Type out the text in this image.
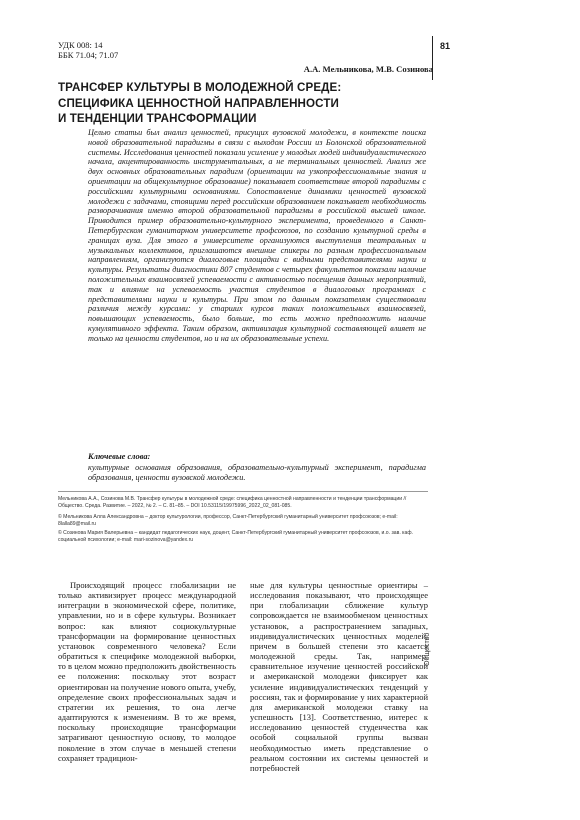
УДК 008: 14
ББК 71.04; 71.07
81
А.А. Мельникова, М.В. Созинова
ТРАНСФЕР КУЛЬТУРЫ В МОЛОДЕЖНОЙ СРЕДЕ:
СПЕЦИФИКА ЦЕННОСТНОЙ НАПРАВЛЕННОСТИ
И ТЕНДЕНЦИИ ТРАНСФОРМАЦИИ

Целью статьи был анализ ценностей, присущих вузовской молодежи, в контексте поиска новой образовательной парадигмы в связи с выходом России из Болонской образовательной системы. Исследования ценностей показали усиление у молодых людей индивидуалистического начала, акцентированность инструментальных, а не терминальных ценностей. Анализ же двух основных образовательных парадигм (ориентации на узкопрофессиональные знания и ориентации на общекультурное образование) показывает соответствие второй парадигмы с российскими культурными основаниями. Сопоставление динамики ценностей вузовской молодежи с задачами, стоящими перед российским образованием показывает необходимость разворачивания именно второй образовательной парадигмы в российской высшей школе. Приводится пример образовательно-культурного эксперимента, проведенного в Санкт-Петербургском гуманитарном университете профсоюзов, по созданию культурной среды в границах вуза. Для этого в университете организуются выступления театральных и музыкальных коллективов, приглашаются внешние спикеры по разным профессиональным направлениям, организуются диалоговые площадки с видными представителями науки и культуры. Результаты диагностики 807 студентов с четырех факультетов показали наличие положительных взаимосвязей успеваемости с активностью посещения данных мероприятий, так и влияние на успеваемость участия студентов в диалоговых программах с представителями науки и культуры. При этом по данным показателям существовали различия между курсами: у старших курсов таких положительных взаимосвязей, повышающих успеваемость, было больше, то есть можно предположить наличие кумулятивного эффекта. Таким образом, активизация культурной составляющей влияет не только на ценности студентов, но и на их образовательные успехи.

Ключевые слова:

культурные основания образования, образовательно-культурный эксперимент, парадигма образования, ценности вузовской молодежи.

Мельникова А.А., Созинова М.В. Трансфер культуры в молодежной среде: специфика ценностной направленности и тенденции трансформации // Общество. Среда. Развитие. – 2022, № 2. – С. 81–85. – DOI 10.53115/19975996_2022_02_081-085.

© Мельникова Алла Александровна – доктор культурологии, профессор, Санкт-Петербургский гуманитарный университет профсоюзов; e-mail: 8lalla89@mail.ru

© Созинова Мария Валерьевна – кандидат педагогических наук, доцент, Санкт-Петербургский гуманитарный университет профсоюзов, и.о. зав. каф. социальной психологии; e-mail: mari-sozinova@yandex.ru

Происходящий процесс глобализации не только активизирует процесс международной интеграции в экономической сфере, политике, управлении, но и в сфере культуры. Возникает вопрос: как влияют социокультурные трансформации на формирование ценностных установок современного человека? Если обратиться к специфике молодежной выборки, то в целом можно предположить двойственность ее положения: поскольку этот возраст ориентирован на получение нового опыта, учебу, определение своих профессиональных задач и стратегии их решения, то она легче адаптируются к изменениям. В то же время, поскольку происходящие трансформации затрагивают ценностную основу, то молодое поколение в этом случае в меньшей степени сохраняет традицион-

ные для культуры ценностные ориентиры – исследования показывают, что происходящее при глобализации сближение культур сопровождается не взаимообменом ценностных установок, а распространением западных, индивидуалистических ценностных моделей, причем в большей степени это касается молодежной среды. Так, например, сравнительное изучение ценностей российской и американской молодежи фиксирует как усиление индивидуалистических тенденций у россиян, так и формирование у них характерной для американской молодежи ставку на успешность [13]. Соответственно, интерес к исследованию ценностей студенчества как особой социальной группы вызван необходимостью иметь представление о реальном состоянии их системы ценностей и потребностей

Общество
